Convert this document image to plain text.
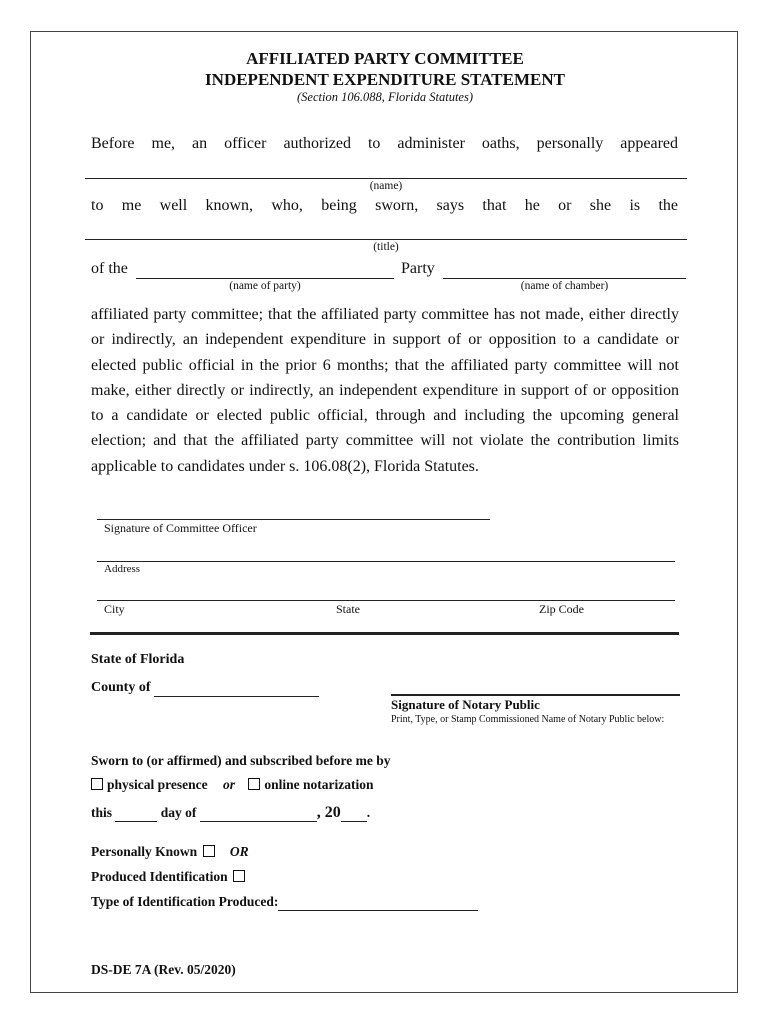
AFFILIATED PARTY COMMITTEE
INDEPENDENT EXPENDITURE STATEMENT
(Section 106.088, Florida Statutes)
Before me, an officer authorized to administer oaths, personally appeared
(name)
to me well known, who, being sworn, says that he or she is the
(title)
of the	Party
(name of party)	(name of chamber)
affiliated party committee; that the affiliated party committee has not made, either directly or indirectly, an independent expenditure in support of or opposition to a candidate or elected public official in the prior 6 months; that the affiliated party committee will not make, either directly or indirectly, an independent expenditure in support of or opposition to a candidate or elected public official, through and including the upcoming general election; and that the affiliated party committee will not violate the contribution limits applicable to candidates under s. 106.08(2), Florida Statutes.
Signature of Committee Officer
Address
City	State	Zip Code
State of Florida
County of
Signature of Notary Public
Print, Type, or Stamp Commissioned Name of Notary Public below:
Sworn to (or affirmed) and subscribed before me by
physical presence or online notarization
this	day of	, 20 .
Personally Known OR
Produced Identification
Type of Identification Produced:
DS-DE 7A (Rev. 05/2020)
